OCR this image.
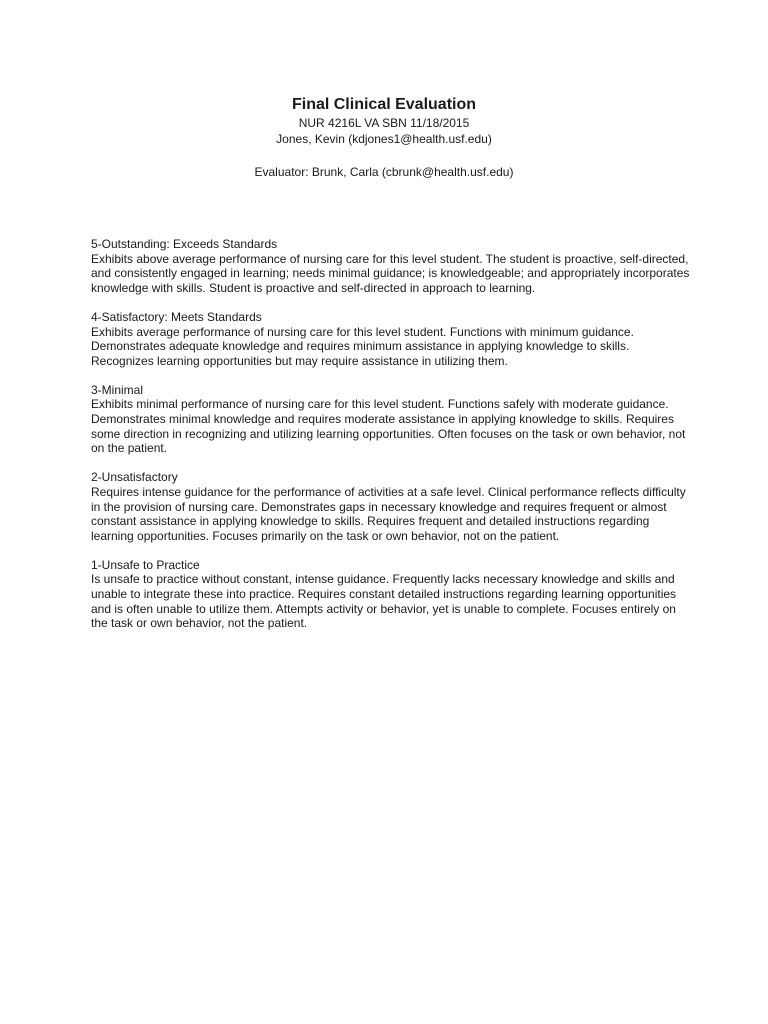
Final Clinical Evaluation

NUR 4216L VA SBN 11/18/2015

Jones, Kevin (kdjones1@health.usf.edu)

Evaluator: Brunk, Carla (cbrunk@health.usf.edu)

5-Outstanding: Exceeds Standards

Exhibits above average performance of nursing care for this level student. The student is proactive, self-directed, and consistently engaged in learning; needs minimal guidance; is knowledgeable; and appropriately incorporates knowledge with skills. Student is proactive and self-directed in approach to learning.

4-Satisfactory: Meets Standards

Exhibits average performance of nursing care for this level student. Functions with minimum guidance. Demonstrates adequate knowledge and requires minimum assistance in applying knowledge to skills. Recognizes learning opportunities but may require assistance in utilizing them.

3-Minimal

Exhibits minimal performance of nursing care for this level student. Functions safely with moderate guidance. Demonstrates minimal knowledge and requires moderate assistance in applying knowledge to skills. Requires some direction in recognizing and utilizing learning opportunities. Often focuses on the task or own behavior, not on the patient.

2-Unsatisfactory

Requires intense guidance for the performance of activities at a safe level. Clinical performance reflects difficulty in the provision of nursing care. Demonstrates gaps in necessary knowledge and requires frequent or almost constant assistance in applying knowledge to skills. Requires frequent and detailed instructions regarding learning opportunities. Focuses primarily on the task or own behavior, not on the patient.

1-Unsafe to Practice

Is unsafe to practice without constant, intense guidance. Frequently lacks necessary knowledge and skills and unable to integrate these into practice. Requires constant detailed instructions regarding learning opportunities and is often unable to utilize them. Attempts activity or behavior, yet is unable to complete. Focuses entirely on the task or own behavior, not the patient.
